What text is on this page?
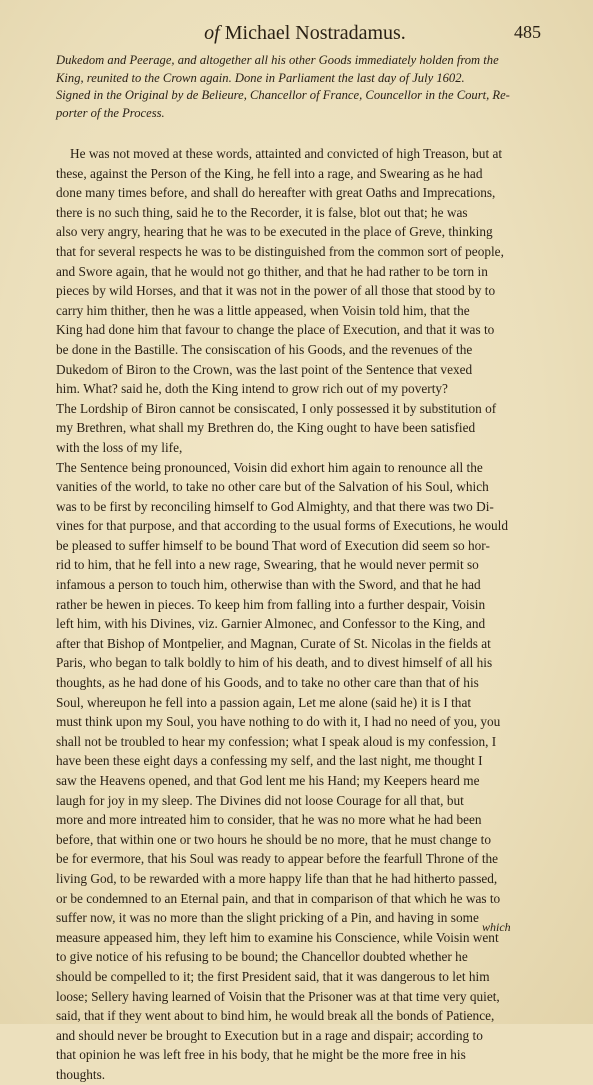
of Michael Nostradamus.	485
Dukedom and Peerage, and altogether all his other Goods immediately holden from the
King, reunited to the Crown again. Done in Parliament the last day of July 1602.
Signed in the Original by de Belieure, Chancellor of France, Councellor in the Court, Re-
porter of the Process.
He was not moved at these words, attainted and convicted of high Treason, but at
these, against the Person of the King, he fell into a rage, and Swearing as he had
done many times before, and shall do hereafter with great Oaths and Imprecations,
there is no such thing, said he to the Recorder, it is false, blot out that; he was
also very angry, hearing that he was to be executed in the place of Greve, thinking
that for several respects he was to be distinguished from the common sort of people,
and Swore again, that he would not go thither, and that he had rather to be torn in
pieces by wild Horses, and that it was not in the power of all those that stood by to
carry him thither, then he was a little appeased, when Voisin told him, that the
King had done him that favour to change the place of Execution, and that it was to
be done in the Bastille. The consiscation of his Goods, and the revenues of the
Dukedom of Biron to the Crown, was the last point of the Sentence that vexed
him. What? said he, doth the King intend to grow rich out of my poverty?
The Lordship of Biron cannot be consiscated, I only possessed it by substitution of
my Brethren, what shall my Brethren do, the King ought to have been satisfied
with the loss of my life,
The Sentence being pronounced, Voisin did exhort him again to renounce all the
vanities of the world, to take no other care but of the Salvation of his Soul, which
was to be first by reconciling himself to God Almighty, and that there was two Di-
vines for that purpose, and that according to the usual forms of Executions, he would
be pleased to suffer himself to be bound That word of Execution did seem so hor-
rid to him, that he fell into a new rage, Swearing, that he would never permit so
infamous a person to touch him, otherwise than with the Sword, and that he had
rather be hewen in pieces. To keep him from falling into a further despair, Voisin
left him, with his Divines, viz. Garnier Almonec, and Confessor to the King, and
after that Bishop of Montpelier, and Magnan, Curate of St. Nicolas in the fields at
Paris, who began to talk boldly to him of his death, and to divest himself of all his
thoughts, as he had done of his Goods, and to take no other care than that of his
Soul, whereupon he fell into a passion again, Let me alone (said he) it is I that
must think upon my Soul, you have nothing to do with it, I had no need of you, you
shall not be troubled to hear my confession; what I speak aloud is my confession, I
have been these eight days a confessing my self, and the last night, me thought I
saw the Heavens opened, and that God lent me his Hand; my Keepers heard me
laugh for joy in my sleep. The Divines did not loose Courage for all that, but
more and more intreated him to consider, that he was no more what he had been
before, that within one or two hours he should be no more, that he must change to
be for evermore, that his Soul was ready to appear before the fearfull Throne of the
living God, to be rewarded with a more happy life than that he had hitherto passed,
or be condemned to an Eternal pain, and that in comparison of that which he was to
suffer now, it was no more than the slight pricking of a Pin, and having in some
measure appeased him, they left him to examine his Conscience, while Voisin went
to give notice of his refusing to be bound; the Chancellor doubted whether he
should be compelled to it; the first President said, that it was dangerous to let him
loose; Sellery having learned of Voisin that the Prisoner was at that time very quiet,
said, that if they went about to bind him, he would break all the bonds of Patience,
and should never be brought to Execution but in a rage and dispair; according to
that opinion he was left free in his body, that he might be the more free in his
thoughts.
which
